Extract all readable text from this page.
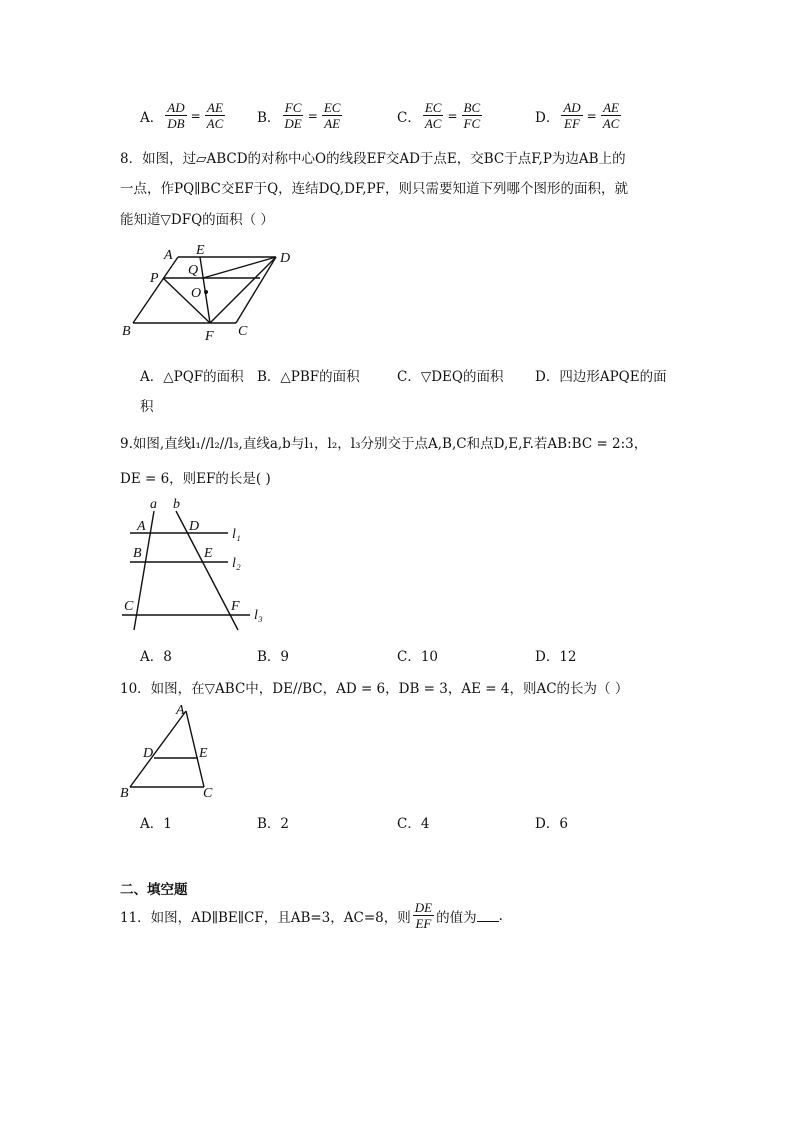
A． $\frac{AD}{DB} = \frac{AE}{AC}$ B． $\frac{FC}{DE} = \frac{EC}{AE}$	C． $\frac{EC}{AC} = \frac{BC}{FC}$	D． $\frac{AD}{EF} = \frac{AE}{AC}$
8．如图，过▱ABCD的对称中心O的线段EF交AD于点E，交BC于点F,P为边AB上的
一点，作PQ∥BC交EF于Q，连结DQ,DF,PF，则只需要知道下列哪个图形的面积，就
能知道▽DFQ的面积（ ）
A E
D
Q
P
O
B	F C
A．△PQF的面积 B．△PBF的面积	C．▽DEQ的面积 D．四边形APQE的面
积
9.如图,直线l₁//l₂//l₃,直线a,b与l₁，l₂，l₃分别交于点A,B,C和点D,E,F.若AB:BC = 2:3，
DE = 6，则EF的长是( )
a b
A	D
l₁
B	E
l₂
C	F
l₃
A．8	B．9	C．10	D．12
10．如图，在▽ABC中，DE//BC，AD = 6，DB = 3，AE = 4，则AC的长为（ ）
A
D	E
B	C
A．1	B．2	C．4	D．6
二、填空题
11．如图，AD∥BE∥CF，且AB=3，AC=8，则 $\frac{DE}{EF}$ 的值为 .
